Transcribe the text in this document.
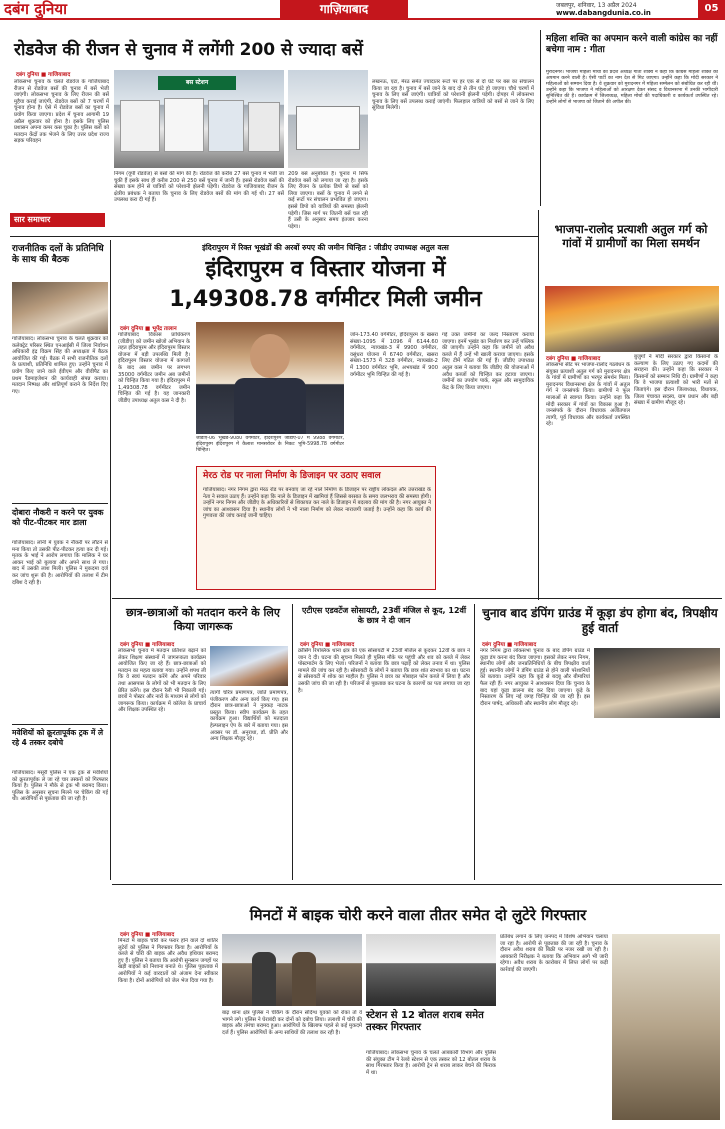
दबंग दुनिया	गाज़ियाबाद	जबलपुर, शनिवार, 13 अप्रैल 2024
www.dabangdunia.co.in	05
रोडवेज की रीजन से चुनाव में लगेंगी 200 से ज्यादा बसें
दबंग दुनिया ■ गाजियाबाद
लोकसभा चुनाव के चलते रोडवेज के गाजियाबाद रीजन से रोडवेज बसों की चुनाव में बसें भेजी जाएंगी। लोकसभा चुनाव के लिए रीजन की बसें मुहैया कराई जाएंगी, रोडवेज बसों को 7 चरणों में चुनाव होना है। ऐसे में रोडवेज बसों का चुनाव में प्रयोग किया जाएगा। प्रदेश में चुनाव आगामी 19 अप्रैल शुक्रवार को होना है। इसके लिए पुलिस प्रशासन अपना कमर कस चुका है। पुलिस बलों को मतदान केंद्रों तक भेजने के लिए उत्तर प्रदेश राज्य सड़क परिवहन
बस स्टेशन
निगम (यूपी रोडवेज) से बसों की मांग की है। रोडवेज की करीब 27 बसें चुनाव में भेजी जा चुकी हैं इसके साथ ही करीब 200 से 250 बसें चुनाव में जानी हैं। इससे रोडवेज बसों की संख्या कम होने से यात्रियों को परेशानी झेलनी पड़ेगी। रोडवेज के गाजियाबाद रीजन के क्षेत्रीय प्रबंधक ने बताया कि चुनाव के लिए रोडवेज बसों की मांग की गई थी। 27 बसें उपलब्ध करा दी गई हैं।
209 बसें अनुबंधित हैं। चुनाव में सिर्फ रोडवेज बसों को लगाया जा रहा है। इसके लिए रीजन के प्रत्येक डिपो से बसों को लिया जाएगा। बसों के चुनाव में लगने से कई रूटों पर संचालन प्रभावित हो जाएगा। इससे डिपो को यात्रियों की समस्या झेलनी पड़ेगी। जिस मार्ग पर जितनी बसें चल रही हैं उसी के अनुसार समय इंतजार करना पड़ेगा।
लखनऊ, एटा, मेरठ समेत ज्यादातर रूटों पर हर एक से दो घंटे पर बस का संचालन किया जा रहा है। चुनाव में बसें जाने के बाद दो से तीन घंटे हो जाएगा। चौथे चरणों में चुनाव के लिए बसें जाएंगी। यात्रियों को परेशानी झेलनी पड़ेगी। दोपहर में लोकसभा चुनाव के लिए बसें उपलब्ध कराई जाएंगी। फिलहाल यात्रियों को बसों से जाने के लिए सुविधा मिलेगी।
महिला शक्ति का अपमान करने वाली कांग्रेस का नहीं बचेगा नाम : गीता
मुरादनगर। भाजपा महिला मोर्चा की प्रदेश अध्यक्ष गीता शाक्य ने कहा कि कांग्रेस महिला शक्ति का अपमान करने वाली है। ऐसी पार्टी का नाम देश से मिट जाएगा। उन्होंने कहा कि मोदी सरकार ने महिलाओं को सम्मान दिया है। वे शुक्रवार को मुरादनगर में महिला सम्मेलन को संबोधित कर रही थीं। उन्होंने कहा कि भाजपा ने महिलाओं को आरक्षण देकर संसद व विधानसभा में उनकी भागीदारी सुनिश्चित की है। कार्यक्रम में जिलाध्यक्ष, महिला मोर्चा की पदाधिकारी व कार्यकर्ता उपस्थित रहे। उन्होंने लोगों से भाजपा को जिताने की अपील की।
सार समाचार
राजनीतिक दलों के प्रतिनिधि के साथ की बैठक
गाजियाबाद। लोकसभा चुनाव के चलते शुक्रवार को कलेक्ट्रेट परिसर स्थित एनआईसी में जिला निर्वाचन अधिकारी इंद्र विक्रम सिंह की अध्यक्षता में बैठक आयोजित की गई। बैठक में सभी राजनीतिक दलों के प्रत्याशी, प्रतिनिधि शामिल हुए। उन्होंने चुनाव में प्रयोग किए जाने वाले ईवीएम और वीवीपैट का प्रथम रैंडमाइजेशन की कार्यवाही संपन्न कराया। मतदान निष्पक्ष और शांतिपूर्ण कराने के निर्देश दिए गए।
दोबारा नौकरी न करने पर युवक को पीट-पीटकर मार डाला
गाजियाबाद। लोनी में युवक ने नौकरी पर लौटने से मना किया तो उसकी पीट-पीटकर हत्या कर दी गई। मृतक के भाई ने आरोप लगाया कि मालिक ने घर आकर भाई को बुलाया और अपने साथ ले गया। बाद में उसकी लाश मिली। पुलिस ने मुकदमा दर्ज कर जांच शुरू की है। आरोपियों की तलाश में टीम दबिश दे रही है।
मवेशियों को क्रूरतापूर्वक ट्रक में ले रहे 4 तस्कर दबोचे
गाजियाबाद। मसूरी पुलिस ने एक ट्रक से मवेशियों को क्रूरतापूर्वक ले जा रहे चार तस्करों को गिरफ्तार किया है। पुलिस ने मौके से ट्रक भी बरामद किया। पुलिस के अनुसार सूचना मिलने पर चेकिंग की गई थी। आरोपियों से पूछताछ की जा रही है।
इंदिरापुरम में रिक्त भूखंडों की अरबों रुपए की जमीन चिन्हित : जीडीए उपाध्यक्ष अतुल वत्स
इंदिरापुरम व विस्तार योजना में
1,49308.78 वर्गमीटर मिली जमीन
दबंग दुनिया ■ भूपेंद्र तालान
गाजियाबाद विकास प्राधिकरण (जीडीए) को जमीन खोजो अभियान के तहत इंदिरापुरम और इंदिरापुरम विस्तार योजना में बड़ी उपलब्धि मिली है। इंदिरापुरम विस्तार योजना में कागजों के बाद अब जमीन पर लगभग 35000 वर्गमीटर जमीन अब जमीनों को चिन्हित किया गया है। इंदिरापुरम में 1,49308.78 वर्गमीटर जमीन चिन्हित की गई है। यह जानकारी जीडीए उपाध्यक्ष अतुल वत्स ने दी है।
जीडीए-06 भूखंड-9080 वर्गमीटर, इंदिरापुरम जीडीए-07 में 9988 वर्गमीटर, इंदिरापुरम इंदिरापुरम में कैलाश मानसरोवर के निकट भूमि-5998.78 वर्गमीटर चिन्हित।
जोन-173.40 वर्गमीटर, इंदिरापुरम के खसरा संख्या-1095 में 1096 में 6144.60 वर्गमीटर, न्यायखंड-3 में 9900 वर्गमीटर, वसुंधरा योजना में 6740 वर्गमीटर, खसरा संख्या-1573 में 328 वर्गमीटर, न्यायखंड-2 में 1300 वर्गमीटर भूमि, अभयखंड में 900 वर्गमीटर भूमि चिन्हित की गई है।
गई उक्त जमीनों का जल्द निस्तारण कराया जाएगा। इनमें भूखंड का निर्धारण कर उन्हें पब्लिक की जाएगी। उन्होंने कहा कि जमीनें जो अवैध कब्जे में हैं उन्हें भी खाली कराया जाएगा। इसके लिए टीमें गठित की गई हैं। जीडीए उपाध्यक्ष अतुल वत्स ने बताया कि जीडीए की योजनाओं में अवैध कब्जों को चिन्हित कर हटाया जाएगा। जमीनों का उपयोग पार्क, स्कूल और सामुदायिक केंद्र के लिए किया जाएगा।
मेरठ रोड पर नाला निर्माण के डिजाइन पर उठाए सवाल
गाजियाबाद। नगर निगम द्वारा मेरठ रोड पर बनवाए जा रहे नाले निर्माण के डिजाइन पर राष्ट्रीय लोकदल और उत्तराखंड के नेता ने सवाल उठाए हैं। उन्होंने कहा कि नाले के डिजाइन में खामियां हैं जिससे बरसात के समय जलभराव की समस्या होगी। उन्होंने नगर निगम और जीडीए के अधिकारियों से शिकायत कर नाले के डिजाइन में बदलाव की मांग की है। नगर आयुक्त ने जांच का आश्वासन दिया है। स्थानीय लोगों ने भी नाला निर्माण को लेकर नाराजगी जताई है। उन्होंने कहा कि कार्य की गुणवत्ता की जांच कराई जानी चाहिए।
भाजपा-रालोद प्रत्याशी अतुल गर्ग को गांवों में ग्रामीणों का मिला समर्थन
दबंग दुनिया ■ गाजियाबाद
लोकसभा सीट पर भाजपा-रालोद गठबंधन के संयुक्त प्रत्याशी अतुल गर्ग को मुरादनगर क्षेत्र के गांवों में ग्रामीणों का भरपूर समर्थन मिला। मुरादनगर विधानसभा क्षेत्र के गांवों में अतुल गर्ग ने जनसंपर्क किया। ग्रामीणों ने फूल मालाओं से स्वागत किया। उन्होंने कहा कि मोदी सरकार में गांवों का विकास हुआ है। जनसंपर्क के दौरान विधायक अजीतपाल त्यागी, पूर्व विधायक और कार्यकर्ता उपस्थित रहे।
बुजुर्गों ने मोदी सरकार द्वारा किसानों के कल्याण के लिए उठाए गए कदमों की सराहना की। उन्होंने कहा कि सरकार ने किसानों को सम्मान निधि दी। ग्रामीणों ने कहा कि वे भाजपा प्रत्याशी को भारी मतों से जिताएंगे। इस दौरान जिलाध्यक्ष, विधायक, जिला पंचायत सदस्य, ग्राम प्रधान और बड़ी संख्या में ग्रामीण मौजूद रहे।
छात्र-छात्राओं को मतदान करने के लिए किया जागरूक
दबंग दुनिया ■ गाजियाबाद
लोकसभा चुनाव में मतदान प्रतिशत बढ़ाने को लेकर शिक्षण संस्थानों में जागरूकता कार्यक्रम आयोजित किए जा रहे हैं। छात्र-छात्राओं को मतदान का महत्व बताया गया। उन्होंने शपथ ली कि वे स्वयं मतदान करेंगे और अपने परिवार तथा आसपास के लोगों को भी मतदान के लिए प्रेरित करेंगे। इस दौरान रैली भी निकाली गई। छात्रों ने पोस्टर और नारों के माध्यम से लोगों को जागरूक किया। कार्यक्रम में कॉलेज के प्राचार्य और शिक्षक उपस्थित रहे।
त्यागी चरित्र प्रमाणपत्र, जाति प्रमाणपत्र, पंजीकरण और अन्य कार्य किए गए। इस दौरान छात्र-छात्राओं ने नुक्कड़ नाटक प्रस्तुत किया। स्वीप कार्यक्रम के तहत कार्यक्रम हुआ। विद्यार्थियों को मतदाता हेल्पलाइन ऐप के बारे में बताया गया। इस अवसर पर डॉ. अनुराधा, डॉ. प्रीति और अन्य शिक्षक मौजूद रहे।
एटीएस एडवर्टेज सोसायटी, 23वीं मंजिल से कूद, 12वीं के छात्र ने दी जान
दबंग दुनिया ■ गाजियाबाद
क्रॉसिंग रिपब्लिक थाना क्षेत्र की एक सोसायटी में 23वीं मंजिल से कूदकर 12वीं के छात्र ने जान दे दी। घटना की सूचना मिलते ही पुलिस मौके पर पहुंची और शव को कब्जे में लेकर पोस्टमार्टम के लिए भेजा। परिजनों ने बताया कि छात्र पढ़ाई को लेकर तनाव में था। पुलिस मामले की जांच कर रही है। सोसायटी के लोगों ने बताया कि छात्र शांत स्वभाव का था। घटना से सोसायटी में शोक का माहौल है। पुलिस ने छात्र का मोबाइल फोन कब्जे में लिया है और उसकी जांच की जा रही है। परिजनों से पूछताछ कर घटना के कारणों का पता लगाया जा रहा है।
चुनाव बाद डंपिंग ग्राउंड में कूड़ा डंप होगा बंद, त्रिपक्षीय हुई वार्ता
दबंग दुनिया ■ गाजियाबाद
नगर निगम द्वारा लोकसभा चुनाव के बाद डंपिंग ग्राउंड में कूड़ा डंप करना बंद किया जाएगा। इसको लेकर नगर निगम, स्थानीय लोगों और जनप्रतिनिधियों के बीच त्रिपक्षीय वार्ता हुई। स्थानीय लोगों ने डंपिंग ग्राउंड से होने वाली परेशानियों को बताया। उन्होंने कहा कि कूड़े से बदबू और बीमारियां फैल रही हैं। नगर आयुक्त ने आश्वासन दिया कि चुनाव के बाद यहां कूड़ा डालना बंद कर दिया जाएगा। कूड़े के निस्तारण के लिए नई जगह चिन्हित की जा रही है। इस दौरान पार्षद, अधिकारी और स्थानीय लोग मौजूद रहे।
मिनटों में बाइक चोरी करने वाला तीतर समेत दो लुटेरे गिरफ्तार
दबंग दुनिया ■ गाजियाबाद
मिनटों में बाइक चोरी कर फरार होने वाले दो शातिर लुटेरों को पुलिस ने गिरफ्तार किया है। आरोपियों के कब्जे से चोरी की बाइक और अवैध हथियार बरामद हुए हैं। पुलिस ने बताया कि आरोपी सुनसान जगहों पर खड़ी बाइकों को निशाना बनाते थे। पुलिस पूछताछ में आरोपियों ने कई वारदातों को अंजाम देना स्वीकार किया है। दोनों आरोपियों को जेल भेज दिया गया है।
बाढ़ थाना क्षेत्र पुलिस ने चेकिंग के दौरान संदिग्ध युवकों को रोका तो वे भागने लगे। पुलिस ने घेराबंदी कर दोनों को दबोच लिया। तलाशी में चोरी की बाइक और तमंचा बरामद हुआ। आरोपियों के खिलाफ पहले से कई मुकदमे दर्ज हैं। पुलिस आरोपियों के अन्य साथियों की तलाश कर रही है।
स्टेशन से 12 बोतल शराब समेत तस्कर गिरफ्तार
गाजियाबाद। लोकसभा चुनाव के चलते आबकारी विभाग और पुलिस की संयुक्त टीम ने रेलवे स्टेशन से एक तस्कर को 12 बोतल शराब के साथ गिरफ्तार किया है। आरोपी ट्रेन से शराब लाकर बेचने की फिराक में था।
प्रतिबंध लगाने के लिए जनपद में विशेष अभियान चलाया जा रहा है। आरोपी से पूछताछ की जा रही है। चुनाव के दौरान अवैध शराब की बिक्री पर नजर रखी जा रही है। आबकारी निरीक्षक ने बताया कि अभियान आगे भी जारी रहेगा। अवैध शराब के कारोबार में लिप्त लोगों पर कड़ी कार्रवाई की जाएगी।
